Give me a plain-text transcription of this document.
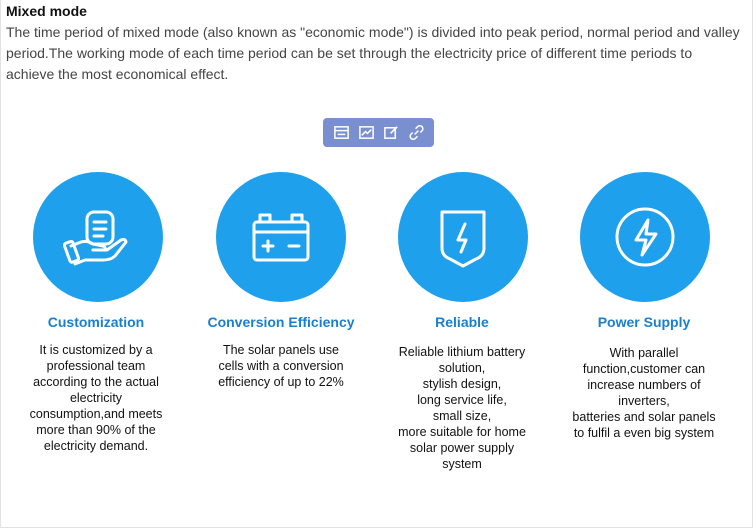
Mixed mode
The time period of mixed mode (also known as "economic mode") is divided into peak period, normal period and valley period.The working mode of each time period can be set through the electricity price of different time periods to achieve the most economical effect.
Customization
It is customized by a
professional team
according to the actual
electricity
consumption,and meets
more than 90% of the
electricity demand.
Conversion Efficiency
The solar panels use
cells with a conversion
efficiency of up to 22%
Reliable
Reliable lithium battery
solution,
stylish design,
long service life,
small size,
more suitable for home
solar power supply
system
Power Supply
With parallel
function,customer can
increase numbers of
inverters,
batteries and solar panels
to fulfil a even big system
